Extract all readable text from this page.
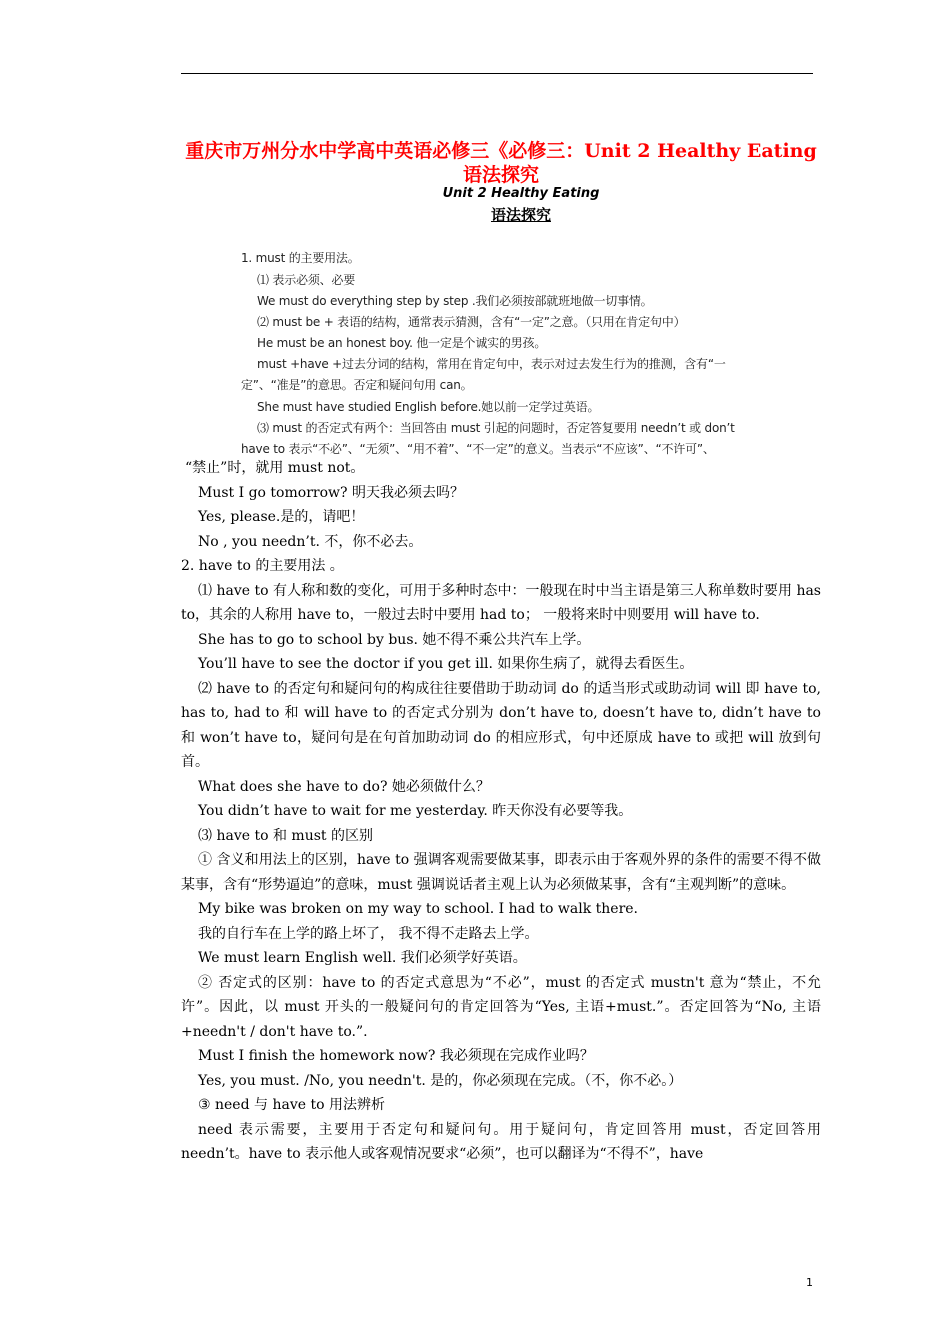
重庆市万州分水中学高中英语必修三《必修三：Unit 2 Healthy Eating 语法探究
Unit 2 Healthy Eating
语法探究
1. must 的主要用法。
⑴ 表示必须、必要
We must do everything step by step .我们必须按部就班地做一切事情。
⑵ must be + 表语的结构，通常表示猜测，含有“一定”之意。（只用在肯定句中）
He must be an honest boy. 他一定是个诚实的男孩。
must +have +过去分词的结构，常用在肯定句中，表示对过去发生行为的推测，含有“一
定”、“准是”的意思。否定和疑问句用 can。
She must have studied English before.她以前一定学过英语。
⑶ must 的否定式有两个：当回答由 must 引起的问题时，否定答复要用 needn’t 或 don’t
have to 表示“不必”、“无须”、“用不着”、“不一定”的意义。当表示“不应该”、“不许可”、

“禁止”时，就用 must not。

Must I go tomorrow? 明天我必须去吗？

Yes, please.是的，请吧！

No , you needn’t. 不，你不必去。

2. have to 的主要用法 。

⑴ have to 有人称和数的变化，可用于多种时态中：一般现在时中当主语是第三人称单数时要用 has to，其余的人称用 have to，一般过去时中要用 had to； 一般将来时中则要用 will have to.

She has to go to school by bus. 她不得不乘公共汽车上学。

You’ll have to see the doctor if you get ill. 如果你生病了，就得去看医生。

⑵ have to 的否定句和疑问句的构成往往要借助于助动词 do 的适当形式或助动词 will 即 have to, has to, had to 和 will have to 的否定式分别为 don’t have to, doesn’t have to, didn’t have to 和 won’t have to，疑问句是在句首加助动词 do 的相应形式，句中还原成 have to 或把 will 放到句首。

What does she have to do? 她必须做什么？

You didn’t have to wait for me yesterday. 昨天你没有必要等我。

⑶ have to 和 must 的区别

① 含义和用法上的区别，have to 强调客观需要做某事，即表示由于客观外界的条件的需要不得不做某事，含有“形势逼迫”的意味，must 强调说话者主观上认为必须做某事，含有“主观判断”的意味。

My bike was broken on my way to school. I had to walk there.

我的自行车在上学的路上坏了， 我不得不走路去上学。

We must learn English well. 我们必须学好英语。

② 否定式的区别：have to 的否定式意思为“不必”，must 的否定式 mustn't 意为“禁止，不允许”。因此，以 must 开头的一般疑问句的肯定回答为“Yes, 主语+must.”。否定回答为“No, 主语+needn't / don't have to.”.

Must I finish the homework now? 我必须现在完成作业吗？

Yes, you must. /No, you needn't. 是的，你必须现在完成。（不，你不必。）

③ need 与 have to 用法辨析

need 表示需要，主要用于否定句和疑问句。用于疑问句，肯定回答用 must，否定回答用 needn’t。have to 表示他人或客观情况要求“必须”，也可以翻译为“不得不”，have

1
